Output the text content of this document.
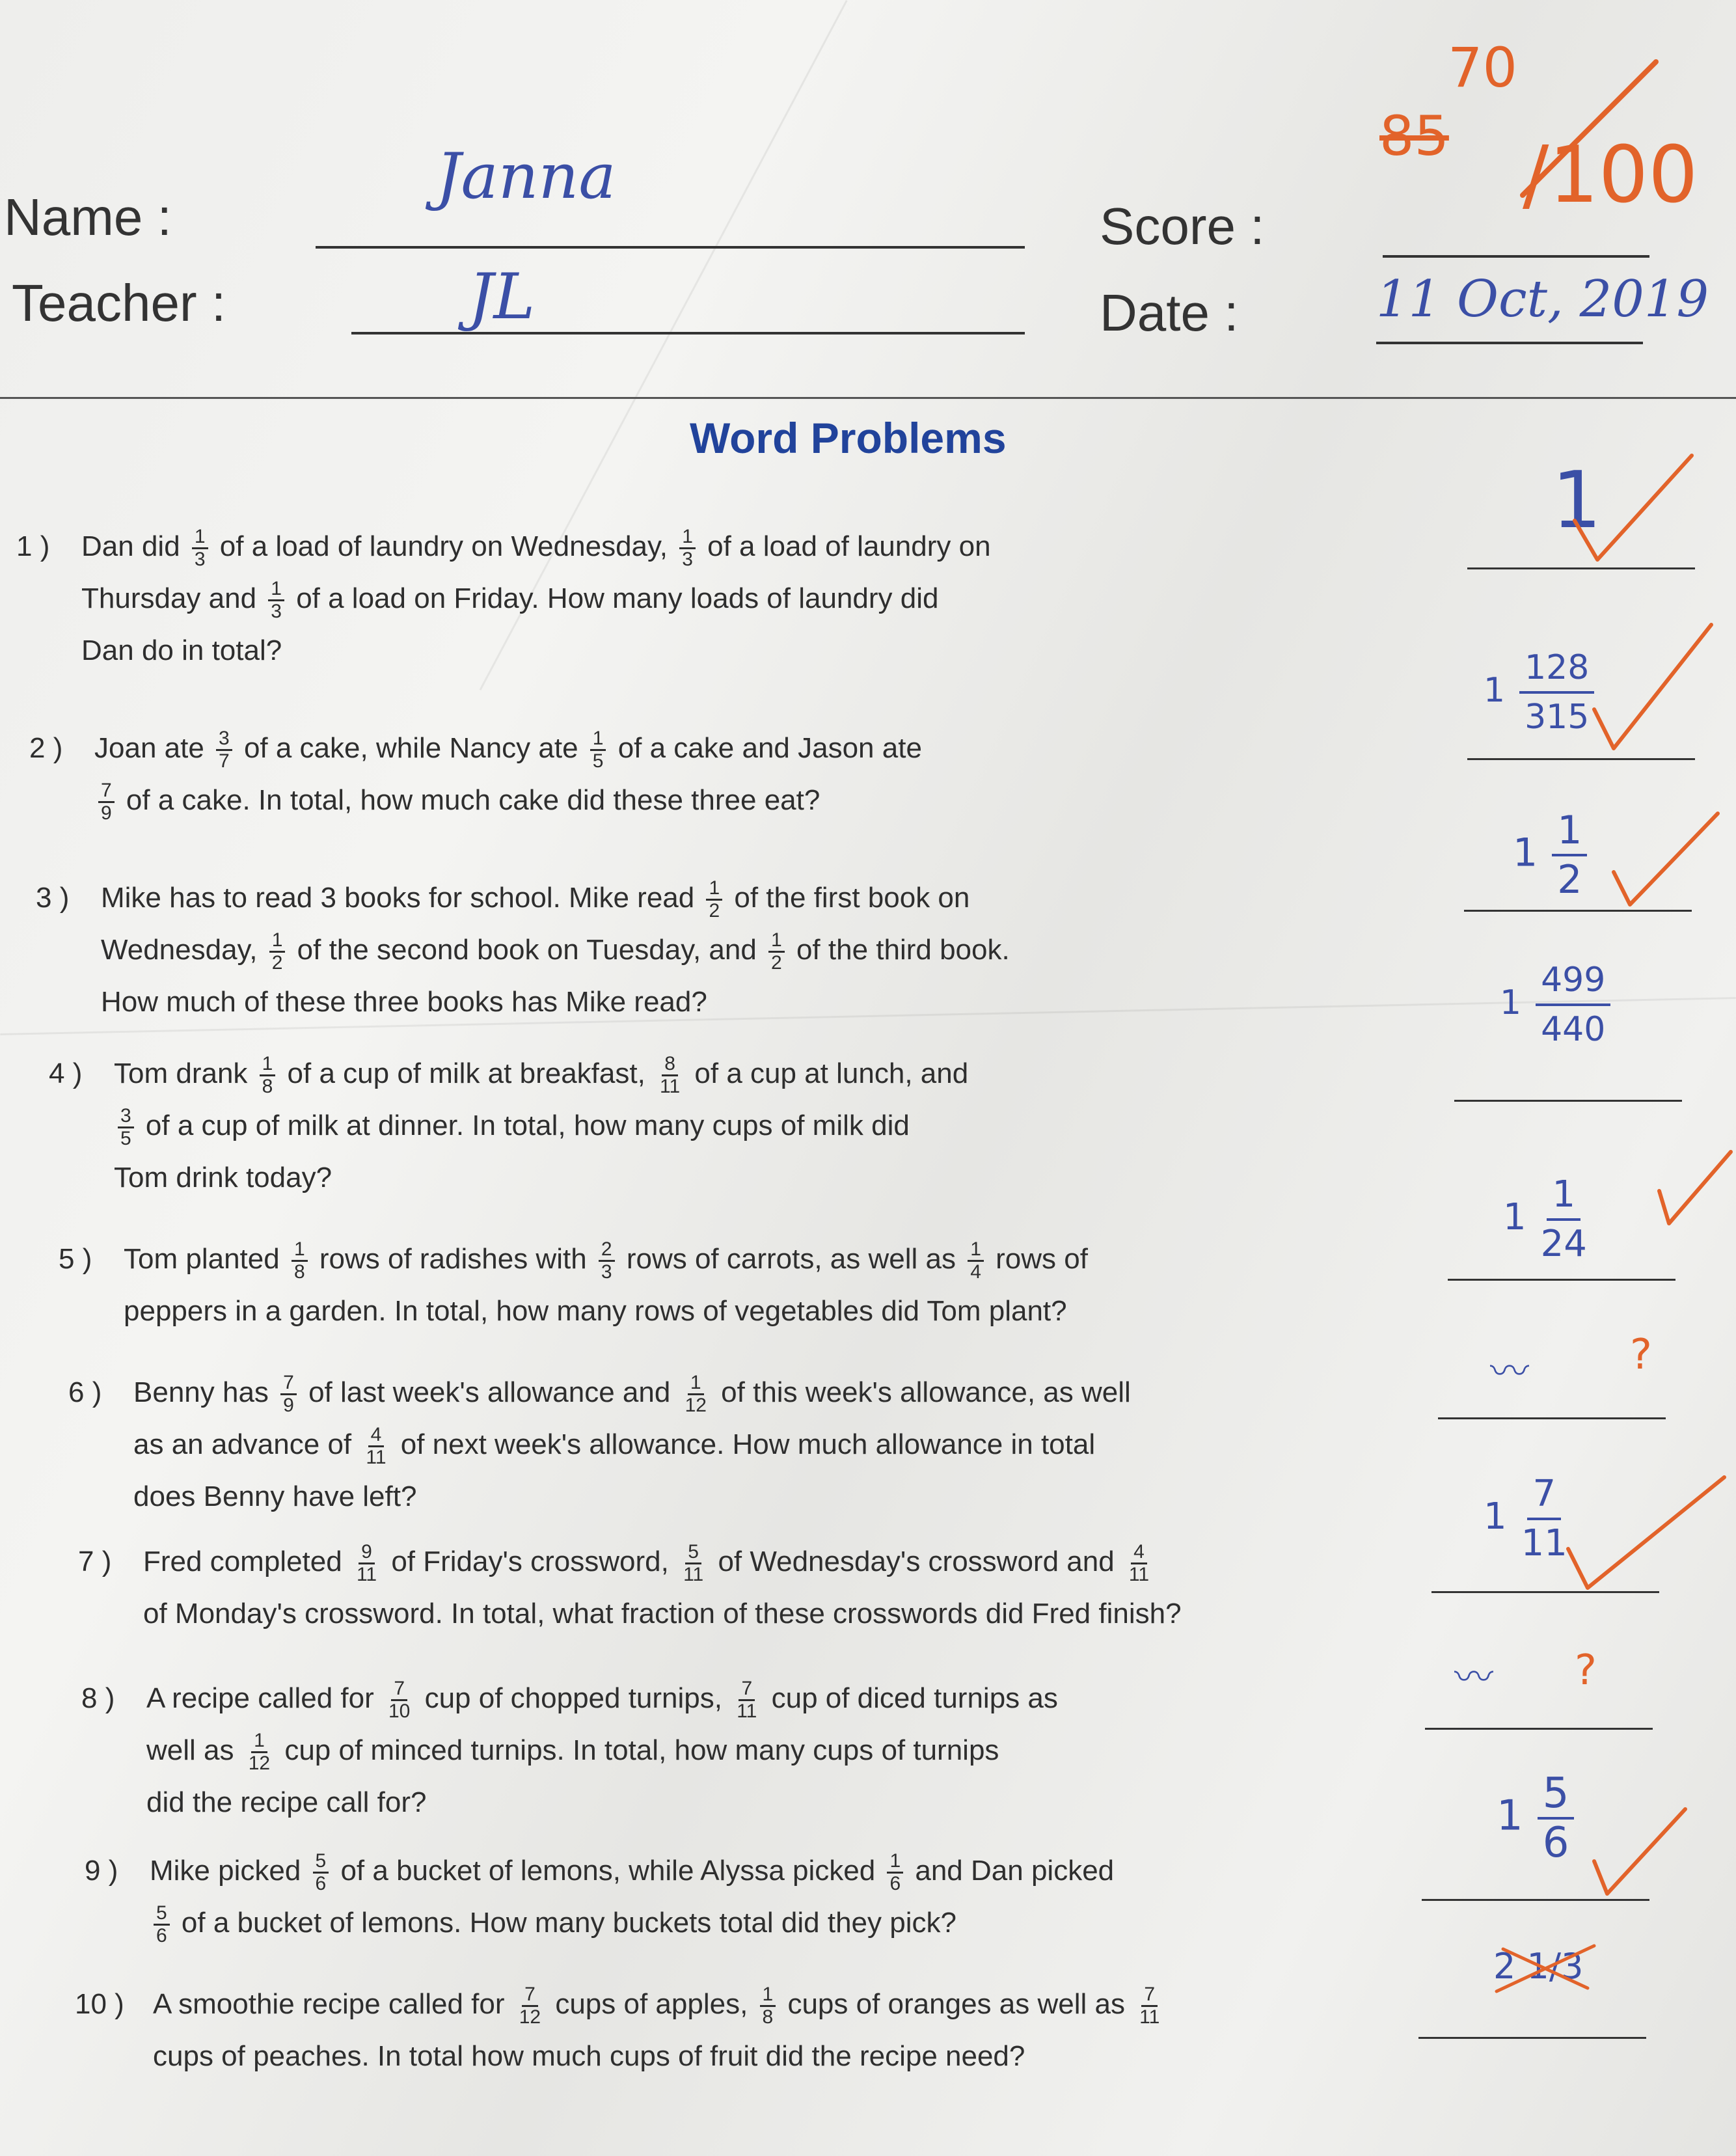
Name :
Janna
Teacher :	JL
Score :
70
85 /100
Date :	11 Oct, 2019
Word Problems
1 ) Dan did $\frac{1}{3}$ of a load of laundry on Wednesday, $\frac{1}{3}$ of a load of laundry on
Thursday and $\frac{1}{3}$ of a load on Friday. How many loads of laundry did
Dan do in total?
2 ) Joan ate $\frac{3}{7}$ of a cake, while Nancy ate $\frac{1}{5}$ of a cake and Jason ate
$\frac{7}{9}$ of a cake. In total, how much cake did these three eat?
3 ) Mike has to read 3 books for school. Mike read $\frac{1}{2}$ of the first book on
Wednesday, $\frac{1}{2}$ of the second book on Tuesday, and $\frac{1}{2}$ of the third book.
How much of these three books has Mike read?
4 ) Tom drank $\frac{1}{8}$ of a cup of milk at breakfast, $\frac{8}{11}$ of a cup at lunch, and
$\frac{3}{5}$ of a cup of milk at dinner. In total, how many cups of milk did
Tom drink today?
5 ) Tom planted $\frac{1}{8}$ rows of radishes with $\frac{2}{3}$ rows of carrots, as well as $\frac{1}{4}$ rows of
peppers in a garden. In total, how many rows of vegetables did Tom plant?
6 ) Benny has $\frac{7}{9}$ of last week's allowance and $\frac{1}{12}$ of this week's allowance, as well
as an advance of $\frac{4}{11}$ of next week's allowance. How much allowance in total
does Benny have left?
7 ) Fred completed $\frac{9}{11}$ of Friday's crossword, $\frac{5}{11}$ of Wednesday's crossword and $\frac{4}{11}$
of Monday's crossword. In total, what fraction of these crosswords did Fred finish?
8 ) A recipe called for $\frac{7}{10}$ cup of chopped turnips, $\frac{7}{11}$ cup of diced turnips as
well as $\frac{1}{12}$ cup of minced turnips. In total, how many cups of turnips
did the recipe call for?
9 ) Mike picked $\frac{5}{6}$ of a bucket of lemons, while Alyssa picked $\frac{1}{6}$ and Dan picked
$\frac{5}{6}$ of a bucket of lemons. How many buckets total did they pick?
10 ) A smoothie recipe called for $\frac{7}{12}$ cups of apples, $\frac{1}{8}$ cups of oranges as well as $\frac{7}{11}$
cups of peaches. In total how much cups of fruit did the recipe need?
1
$1 \frac{128}{315}$
$1 \frac{1}{2}$
$1 \frac{499}{440}$
$1 \frac{1}{24}$
〰 ?
$1 \frac{7}{11}$
〰 ?
$1 \frac{5}{6}$
2 1/3
